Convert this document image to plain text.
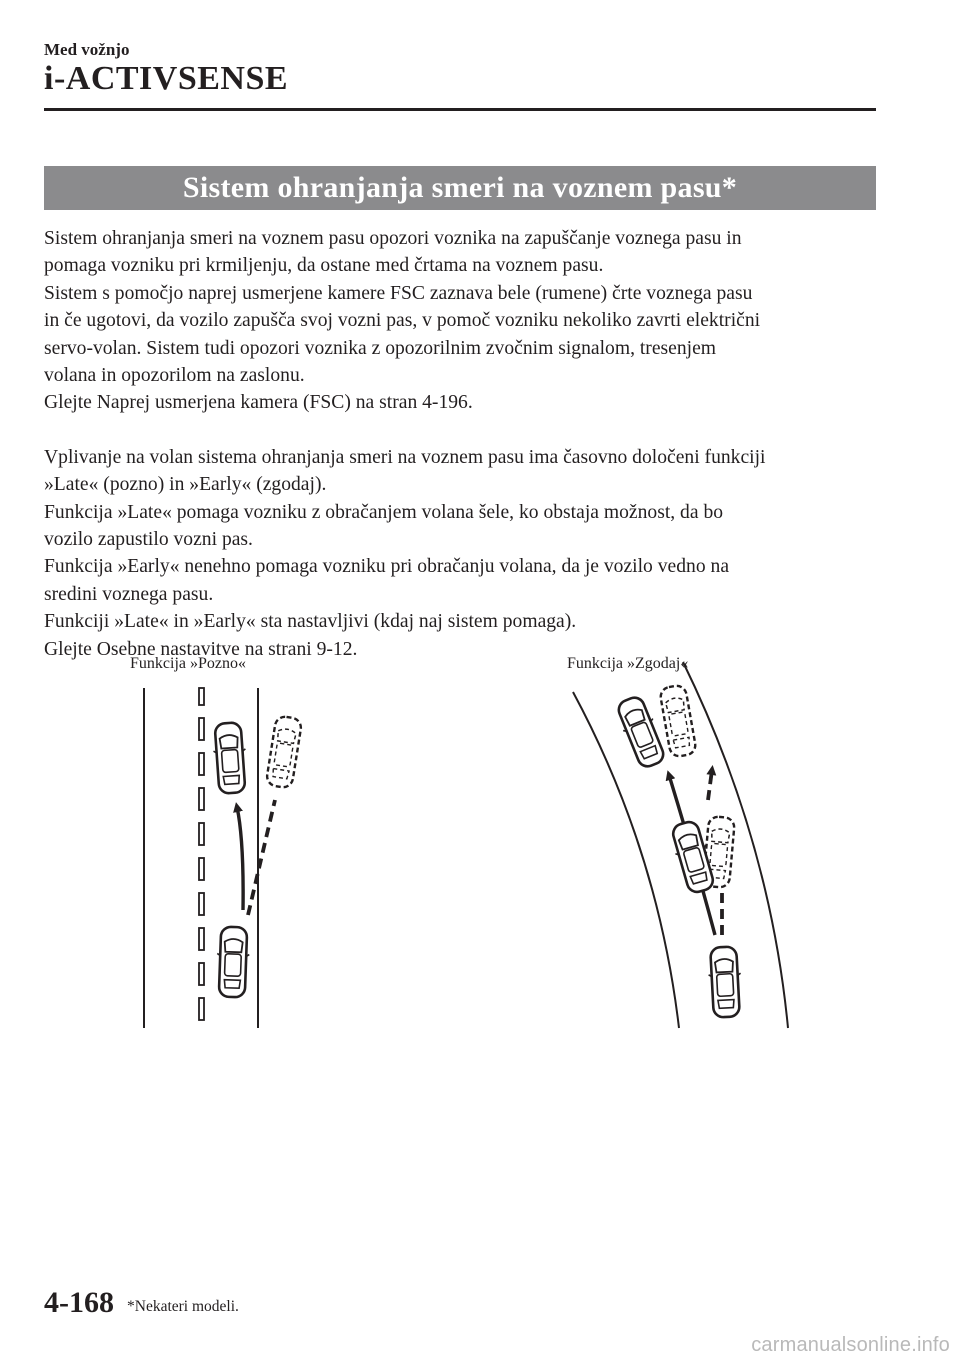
Med vožnjo
i-ACTIVSENSE
Sistem ohranjanja smeri na voznem pasu*

Sistem ohranjanja smeri na voznem pasu opozori voznika na zapuščanje voznega pasu in

pomaga vozniku pri krmiljenju, da ostane med črtama na voznem pasu.

Sistem s pomočjo naprej usmerjene kamere FSC zaznava bele (rumene) črte voznega pasu

in če ugotovi, da vozilo zapušča svoj vozni pas, v pomoč vozniku nekoliko zavrti električni

servo-volan. Sistem tudi opozori voznika z opozorilnim zvočnim signalom, tresenjem

volana in opozorilom na zaslonu.

Glejte Naprej usmerjena kamera (FSC) na stran 4-196.

Vplivanje na volan sistema ohranjanja smeri na voznem pasu ima časovno določeni funkciji

»Late« (pozno) in »Early« (zgodaj).

Funkcija »Late« pomaga vozniku z obračanjem volana šele, ko obstaja možnost, da bo

vozilo zapustilo vozni pas.

Funkcija »Early« nenehno pomaga vozniku pri obračanju volana, da je vozilo vedno na

sredini voznega pasu.

Funkciji »Late« in »Early« sta nastavljivi (kdaj naj sistem pomaga).

Glejte Osebne nastavitve na strani 9-12.

Funkcija »Pozno«	Funkcija »Zgodaj«
4-168 *Nekateri modeli.
carmanualsonline.info
